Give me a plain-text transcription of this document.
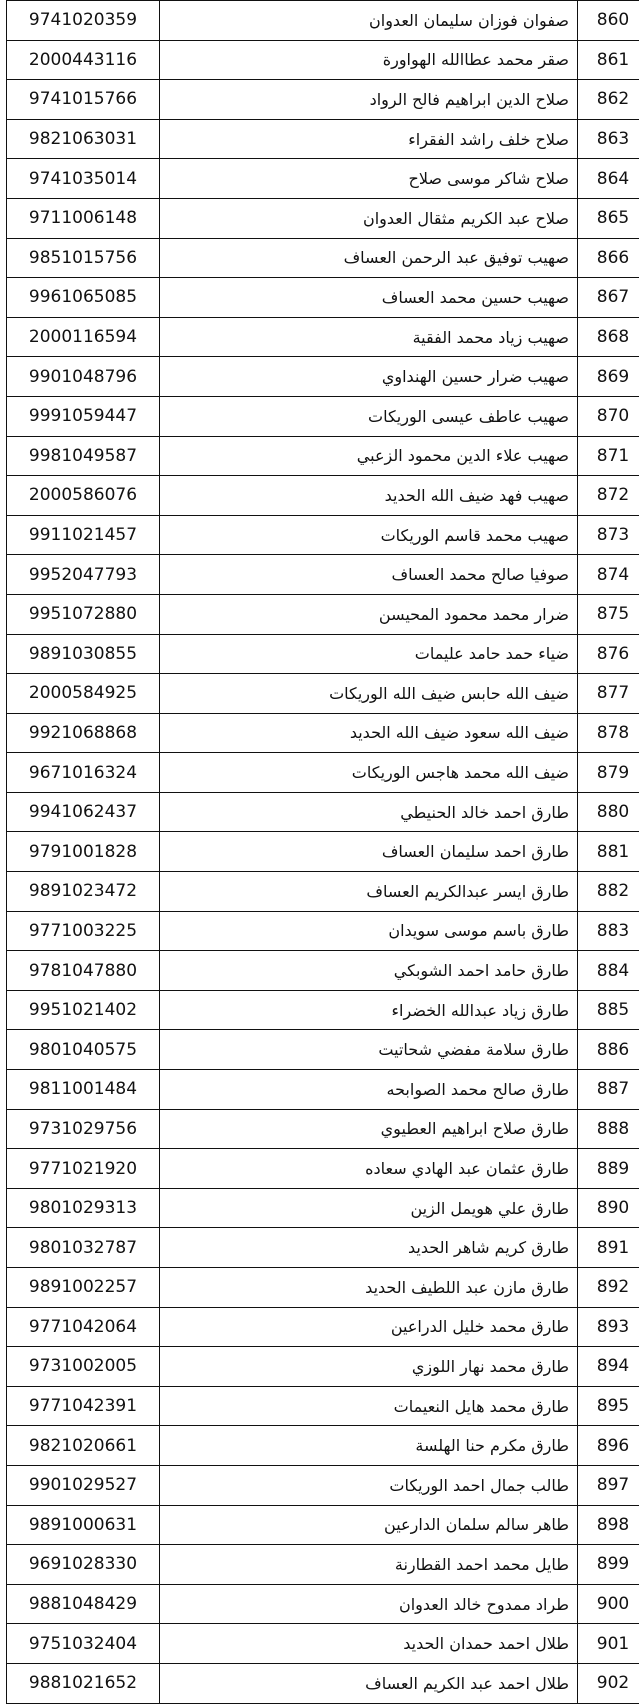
9741020359	صفوان فوزان سليمان العدوان	860
2000443116	صقر محمد عطاالله الهواورة	861
9741015766	صلاح الدين ابراهيم فالح الرواد	862
9821063031	صلاح خلف راشد الفقراء	863
9741035014	صلاح شاكر موسى صلاح	864
9711006148	صلاح عبد الكريم مثقال العدوان	865
9851015756	صهيب توفيق عبد الرحمن العساف	866
9961065085	صهيب حسين محمد العساف	867
2000116594	صهيب زياد محمد الفقية	868
9901048796	صهيب ضرار حسين الهنداوي	869
9991059447	صهيب عاطف عيسى الوريكات	870
9981049587	صهيب علاء الدين محمود الزعبي	871
2000586076	صهيب فهد ضيف الله الحديد	872
9911021457	صهيب محمد قاسم الوريكات	873
9952047793	صوفيا صالح محمد العساف	874
9951072880	ضرار محمد محمود المحيسن	875
9891030855	ضياء حمد حامد عليمات	876
2000584925	ضيف الله حابس ضيف الله الوريكات	877
9921068868	ضيف الله سعود ضيف الله الحديد	878
9671016324	ضيف الله محمد هاجس الوريكات	879
9941062437	طارق احمد خالد الحنيطي	880
9791001828	طارق احمد سليمان العساف	881
9891023472	طارق ايسر عبدالكريم العساف	882
9771003225	طارق باسم موسى سويدان	883
9781047880	طارق حامد احمد الشوبكي	884
9951021402	طارق زياد عبدالله الخضراء	885
9801040575	طارق سلامة مفضي شحاتيت	886
9811001484	طارق صالح محمد الصوابحه	887
9731029756	طارق صلاح ابراهيم العطيوي	888
9771021920	طارق عثمان عبد الهادي سعاده	889
9801029313	طارق علي هويمل الزين	890
9801032787	طارق كريم شاهر الحديد	891
9891002257	طارق مازن عبد اللطيف الحديد	892
9771042064	طارق محمد خليل الدراعين	893
9731002005	طارق محمد نهار اللوزي	894
9771042391	طارق محمد هايل النعيمات	895
9821020661	طارق مكرم حنا الهلسة	896
9901029527	طالب جمال احمد الوريكات	897
9891000631	طاهر سالم سلمان الدارعين	898
9691028330	طايل محمد احمد القطارنة	899
9881048429	طراد ممدوح خالد العدوان	900
9751032404	طلال احمد حمدان الحديد	901
9881021652	طلال احمد عبد الكريم العساف	902
